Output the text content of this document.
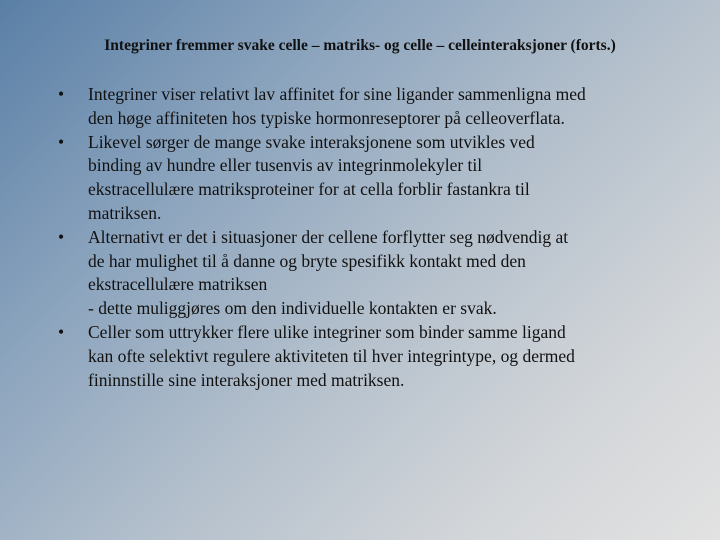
Integriner fremmer svake celle – matriks- og celle – celleinteraksjoner (forts.)
•	Integriner viser relativt lav affinitet for sine ligander sammenligna med
den høge affiniteten hos typiske hormonreseptorer på celleoverflata.
•	Likevel sørger de mange svake interaksjonene som utvikles ved
binding av hundre eller tusenvis av integrinmolekyler til
ekstracellulære matriksproteiner for at cella forblir fastankra til
matriksen.
•	Alternativt er det i situasjoner der cellene forflytter seg nødvendig at
de har mulighet til å danne og bryte spesifikk kontakt med den
ekstracellulære matriksen
- dette muliggjøres om den individuelle kontakten er svak.
•	Celler som uttrykker flere ulike integriner som binder samme ligand
kan ofte selektivt regulere aktiviteten til hver integrintype, og dermed
fininnstille sine interaksjoner med matriksen.
